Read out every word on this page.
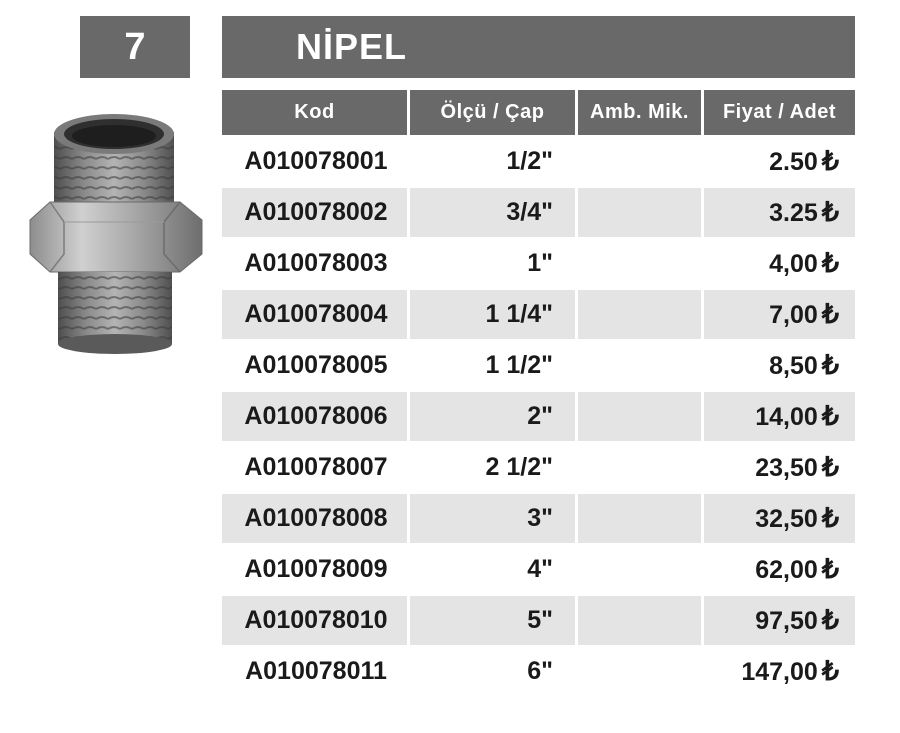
7	NİPEL
Kod	Ölçü / Çap	Amb. Mik.	Fiyat / Adet
A010078001	1/2"		2.50 ₺
A010078002	3/4"		3.25 ₺
A010078003	1"		4,00 ₺
A010078004	1 1/4"		7,00 ₺
A010078005	1 1/2"		8,50 ₺
A010078006	2"		14,00 ₺
A010078007	2 1/2"		23,50 ₺
A010078008	3"		32,50 ₺
A010078009	4"		62,00 ₺
A010078010	5"		97,50 ₺
A010078011	6"		147,00 ₺
